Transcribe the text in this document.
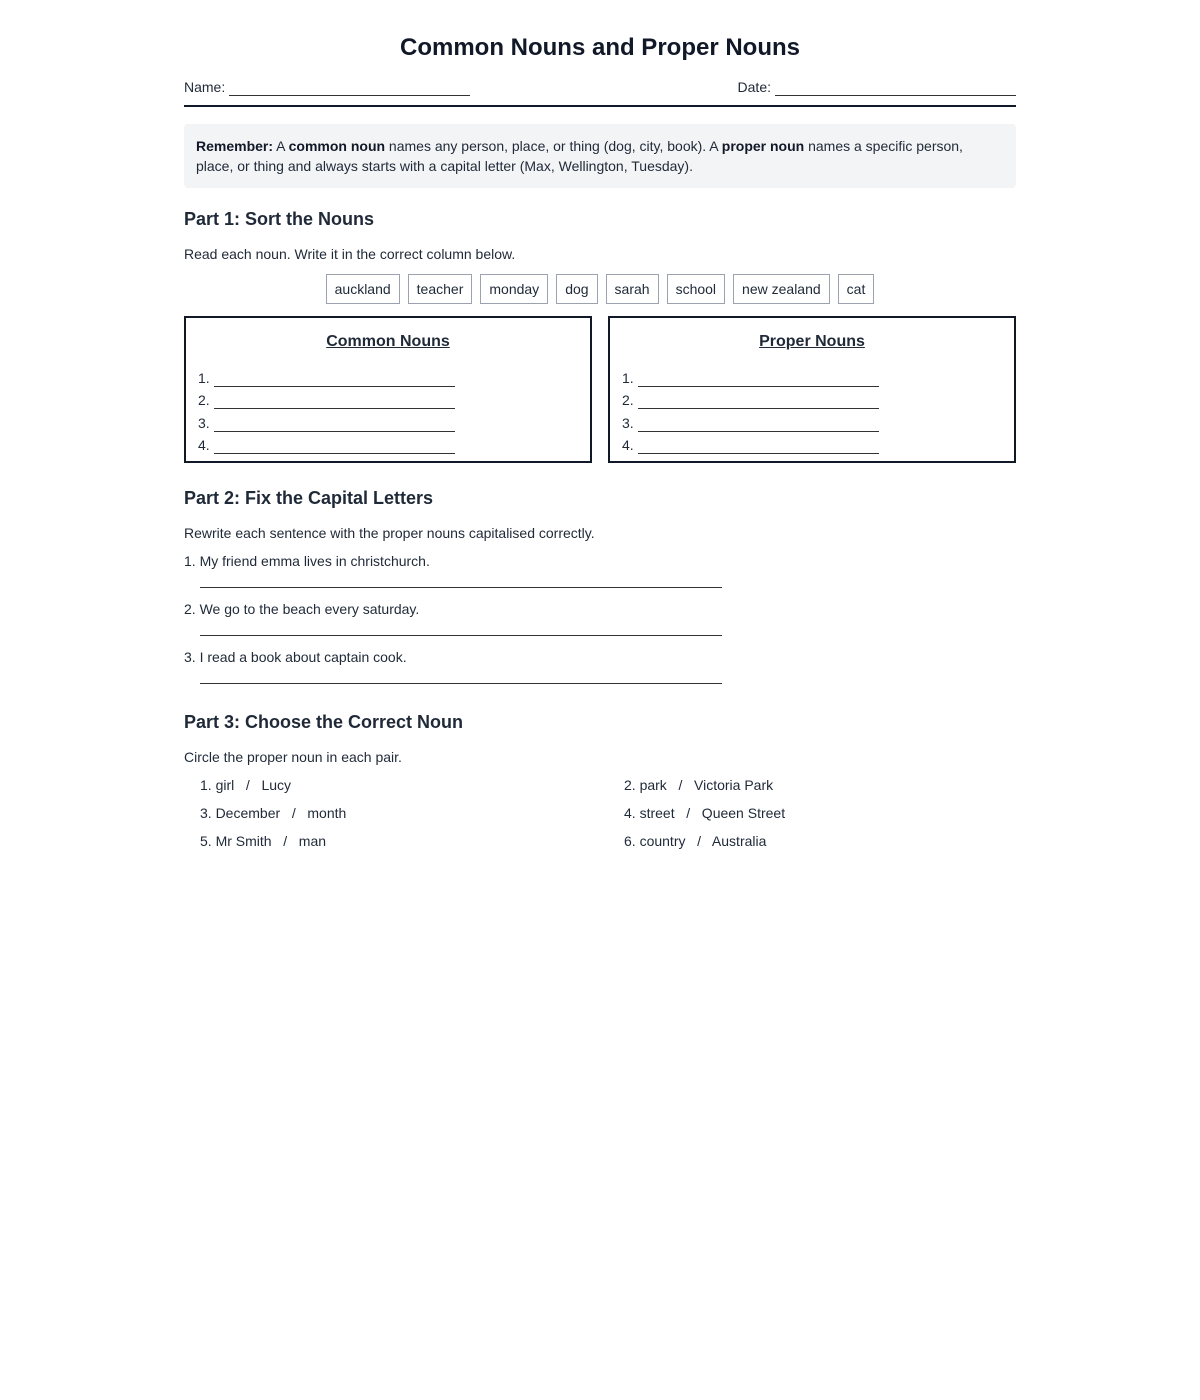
Common Nouns and Proper Nouns
Name:	Date:
Remember: A common noun names any person, place, or thing (dog, city, book). A proper noun names a specific person, place, or thing and always starts with a capital letter (Max, Wellington, Tuesday).
Part 1: Sort the Nouns

Read each noun. Write it in the correct column below.

auckland	teacher	monday	dog	sarah	school	new zealand	cat
Common Nouns
1.
2.
3.
4.
Proper Nouns
1.
2.
3.
4.
Part 2: Fix the Capital Letters

Rewrite each sentence with the proper nouns capitalised correctly.

1. My friend emma lives in christchurch.
2. We go to the beach every saturday.
3. I read a book about captain cook.
Part 3: Choose the Correct Noun

Circle the proper noun in each pair.

1. girl   /   Lucy	2. park   /   Victoria Park
3. December   /   month	4. street   /   Queen Street
5. Mr Smith   /   man	6. country   /   Australia
